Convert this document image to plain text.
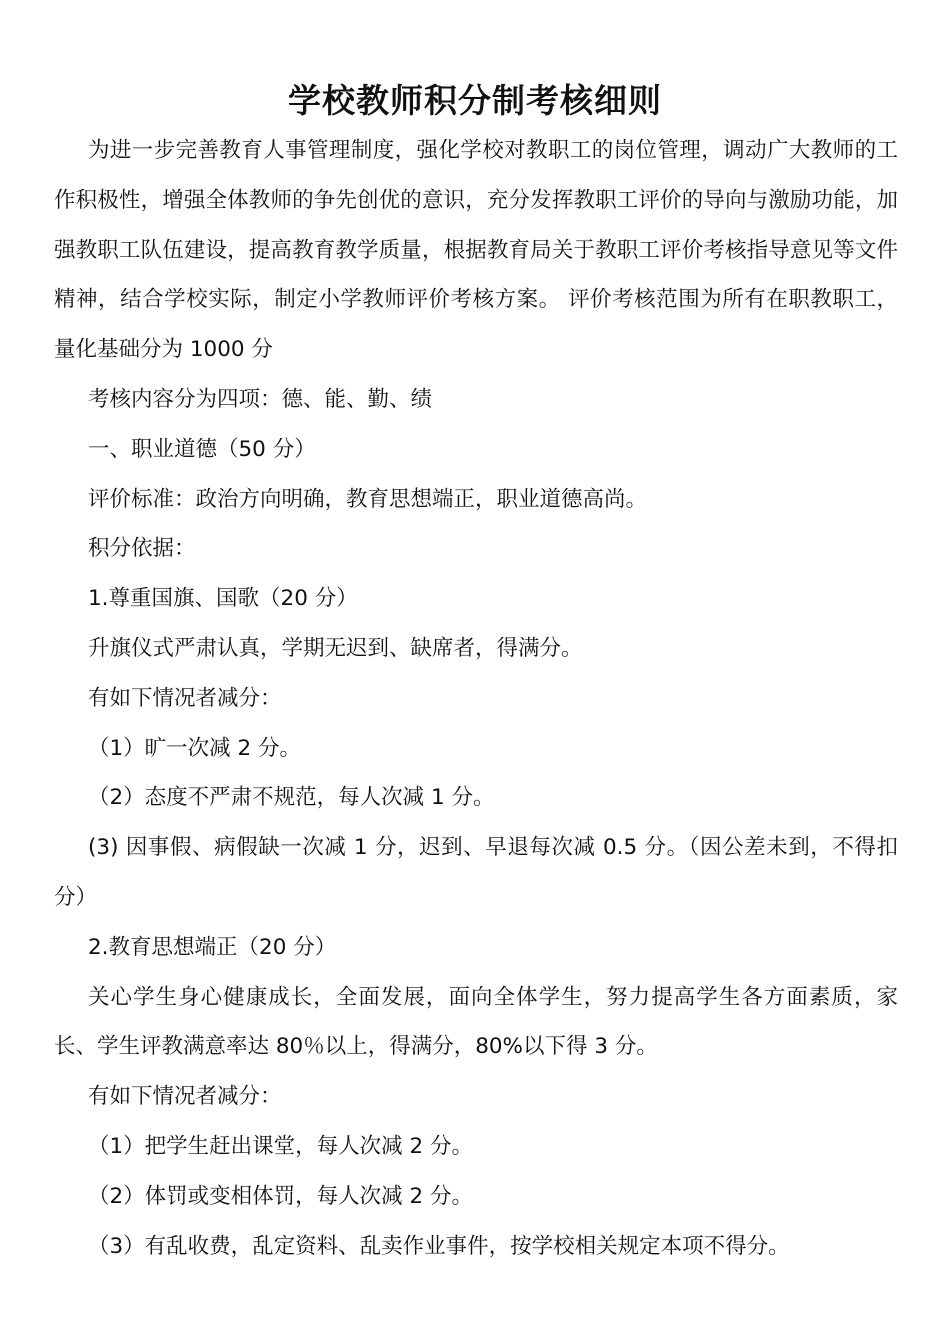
学校教师积分制考核细则

为进一步完善教育人事管理制度，强化学校对教职工的岗位管理，调动广大教师的工作积极性，增强全体教师的争先创优的意识，充分发挥教职工评价的导向与激励功能，加强教职工队伍建设，提高教育教学质量，根据教育局关于教职工评价考核指导意见等文件精神，结合学校实际，制定小学教师评价考核方案。 评价考核范围为所有在职教职工，量化基础分为 1000 分

考核内容分为四项：德、能、勤、绩

一、职业道德（50 分）

评价标准：政治方向明确，教育思想端正，职业道德高尚。

积分依据：

1.尊重国旗、国歌（20 分）

升旗仪式严肃认真，学期无迟到、缺席者，得满分。

有如下情况者减分：

（1）旷一次减 2 分。

（2）态度不严肃不规范，每人次减 1 分。

(3) 因事假、病假缺一次减 1 分，迟到、早退每次减 0.5 分。（因公差未到，不得扣分）

2.教育思想端正（20 分）

关心学生身心健康成长，全面发展，面向全体学生，努力提高学生各方面素质，家长、学生评教满意率达 80％以上，得满分，80%以下得 3 分。

有如下情况者减分：

（1）把学生赶出课堂，每人次减 2 分。

（2）体罚或变相体罚，每人次减 2 分。

（3）有乱收费，乱定资料、乱卖作业事件，按学校相关规定本项不得分。
